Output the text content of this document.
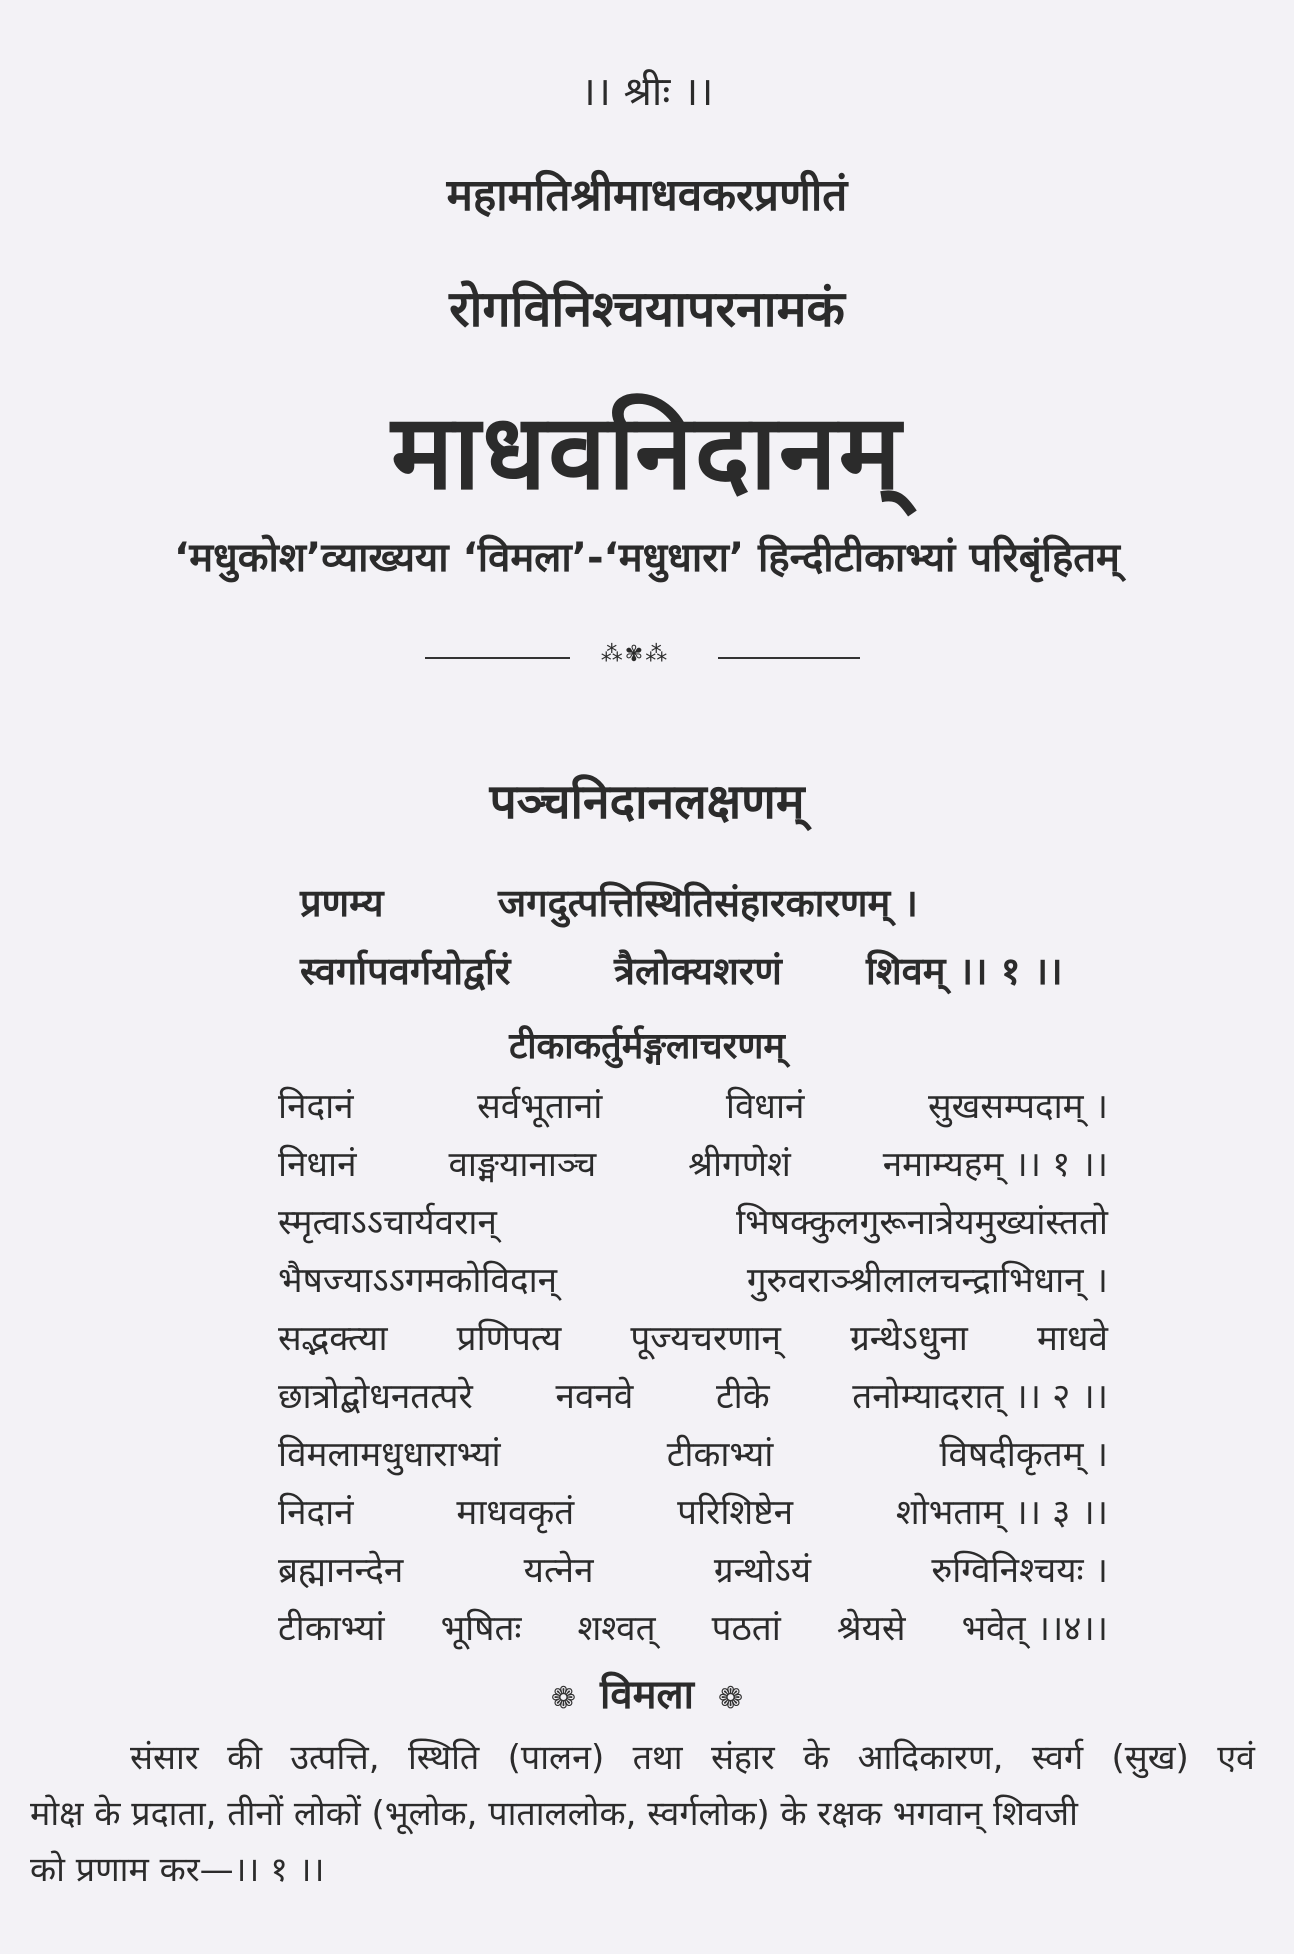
।। श्रीः ।।
महामतिश्रीमाधवकरप्रणीतं
रोगविनिश्चयापरनामकं
माधवनिदानम्
‘मधुकोश’व्याख्यया ‘विमला’-‘मधुधारा’ हिन्दीटीकाभ्यां परिबृंहितम्
⁂✾⁂
पञ्चनिदानलक्षणम्
प्रणम्य	जगदुत्पत्तिस्थितिसंहारकारणम् ।
स्वर्गापवर्गयोर्द्वारं	त्रैलोक्यशरणं शिवम् ।। १ ।।
टीकाकर्तुर्मङ्गलाचरणम्
निदानं	सर्वभूतानां	विधानं	सुखसम्पदाम् ।
निधानं	वाङ्मयानाञ्च	श्रीगणेशं	नमाम्यहम् ।। १ ।।
स्मृत्वाऽऽचार्यवरान्	भिषक्कुलगुरूनात्रेयमुख्यांस्ततो
भैषज्याऽऽगमकोविदान्	गुरुवराञ्श्रीलालचन्द्राभिधान् ।
सद्भक्त्या प्रणिपत्य पूज्यचरणान् ग्रन्थेऽधुना माधवे
छात्रोद्बोधनतत्परे नवनवे टीके तनोम्यादरात् ।। २ ।।
विमलामधुधाराभ्यां	टीकाभ्यां	विषदीकृतम् ।
निदानं	माधवकृतं	परिशिष्टेन	शोभताम् ।। ३ ।।
ब्रह्मानन्देन	यत्नेन	ग्रन्थोऽयं	रुग्विनिश्चयः ।
टीकाभ्यां भूषितः शश्वत् पठतां श्रेयसे भवेत् ।।४।।
❁ विमला ❁
संसार की उत्पत्ति, स्थिति (पालन) तथा संहार के आदिकारण, स्वर्ग (सुख) एवं
मोक्ष के प्रदाता, तीनों लोकों (भूलोक, पाताललोक, स्वर्गलोक) के रक्षक भगवान् शिवजी
को प्रणाम कर—।। १ ।।
